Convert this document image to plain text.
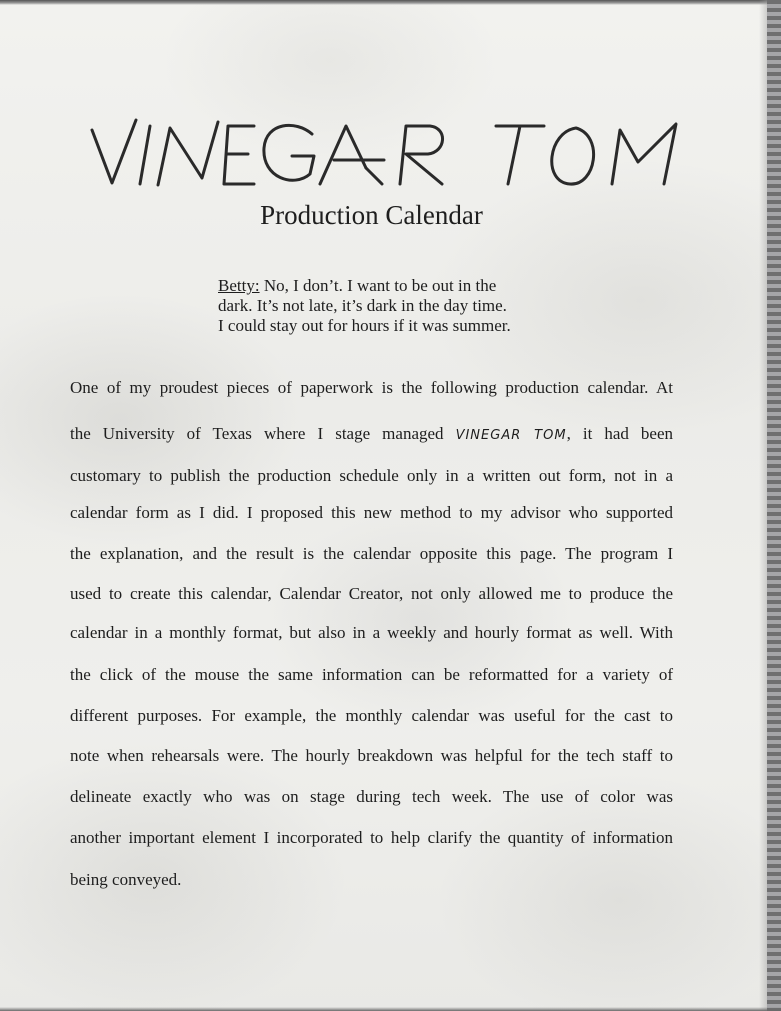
Production Calendar
Betty: No, I don’t. I want to be out in the
dark. It’s not late, it’s dark in the day time.
I could stay out for hours if it was summer.
One of my proudest pieces of paperwork is the following production calendar. At
the University of Texas where I stage managed VINEGAR TOM, it had been
customary to publish the production schedule only in a written out form, not in a
calendar form as I did. I proposed this new method to my advisor who supported
the explanation, and the result is the calendar opposite this page. The program I
used to create this calendar, Calendar Creator, not only allowed me to produce the
calendar in a monthly format, but also in a weekly and hourly format as well. With
the click of the mouse the same information can be reformatted for a variety of
different purposes. For example, the monthly calendar was useful for the cast to
note when rehearsals were. The hourly breakdown was helpful for the tech staff to
delineate exactly who was on stage during tech week. The use of color was
another important element I incorporated to help clarify the quantity of information
being conveyed.
